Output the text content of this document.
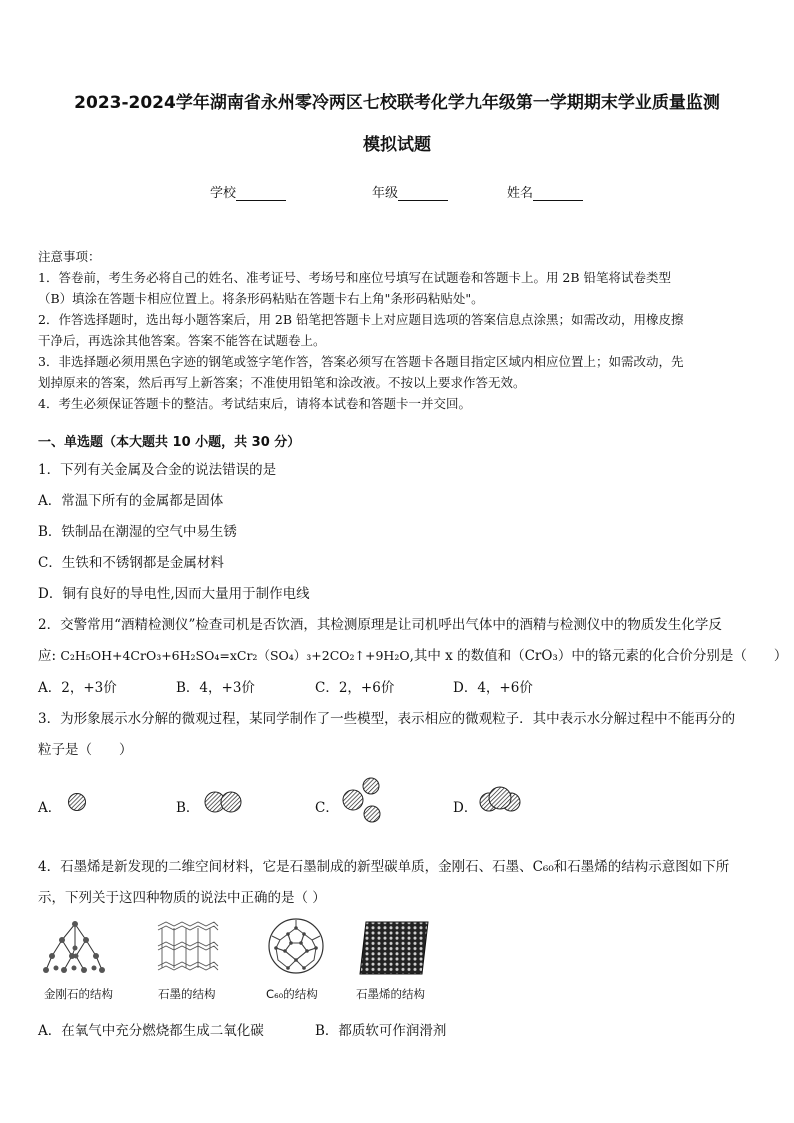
2023-2024学年湖南省永州零冷两区七校联考化学九年级第一学期期末学业质量监测
模拟试题
学校	年级	姓名
注意事项：
1．答卷前，考生务必将自己的姓名、准考证号、考场号和座位号填写在试题卷和答题卡上。用 2B 铅笔将试卷类型
（B）填涂在答题卡相应位置上。将条形码粘贴在答题卡右上角"条形码粘贴处"。
2．作答选择题时，选出每小题答案后，用 2B 铅笔把答题卡上对应题目选项的答案信息点涂黑；如需改动，用橡皮擦
干净后，再选涂其他答案。答案不能答在试题卷上。
3．非选择题必须用黑色字迹的钢笔或签字笔作答，答案必须写在答题卡各题目指定区域内相应位置上；如需改动，先
划掉原来的答案，然后再写上新答案；不准使用铅笔和涂改液。不按以上要求作答无效。
4．考生必须保证答题卡的整洁。考试结束后，请将本试卷和答题卡一并交回。
一、单选题（本大题共 10 小题，共 30 分）
1．下列有关金属及合金的说法错误的是
A．常温下所有的金属都是固体
B．铁制品在潮湿的空气中易生锈
C．生铁和不锈钢都是金属材料
D．铜有良好的导电性,因而大量用于制作电线
2．交警常用“酒精检测仪”检查司机是否饮酒，其检测原理是让司机呼出气体中的酒精与检测仪中的物质发生化学反
应: C₂H₅OH+4CrO₃+6H₂SO₄=xCr₂（SO₄）₃+2CO₂↑+9H₂O,其中 x 的数值和（CrO₃）中的铬元素的化合价分别是（　　）
A．2，+3价	B．4，+3价	C．2，+6价	D．4，+6价
3．为形象展示水分解的微观过程，某同学制作了一些模型，表示相应的微观粒子．其中表示水分解过程中不能再分的
粒子是（　　）
A．	B．	C．	D．
4．石墨烯是新发现的二维空间材料，它是石墨制成的新型碳单质，金刚石、石墨、C₆₀和石墨烯的结构示意图如下所
示，下列关于这四种物质的说法中正确的是（ ）
金刚石的结构	石墨的结构	C₆₀的结构	石墨烯的结构
A．在氧气中充分燃烧都生成二氧化碳	B．都质软可作润滑剂
